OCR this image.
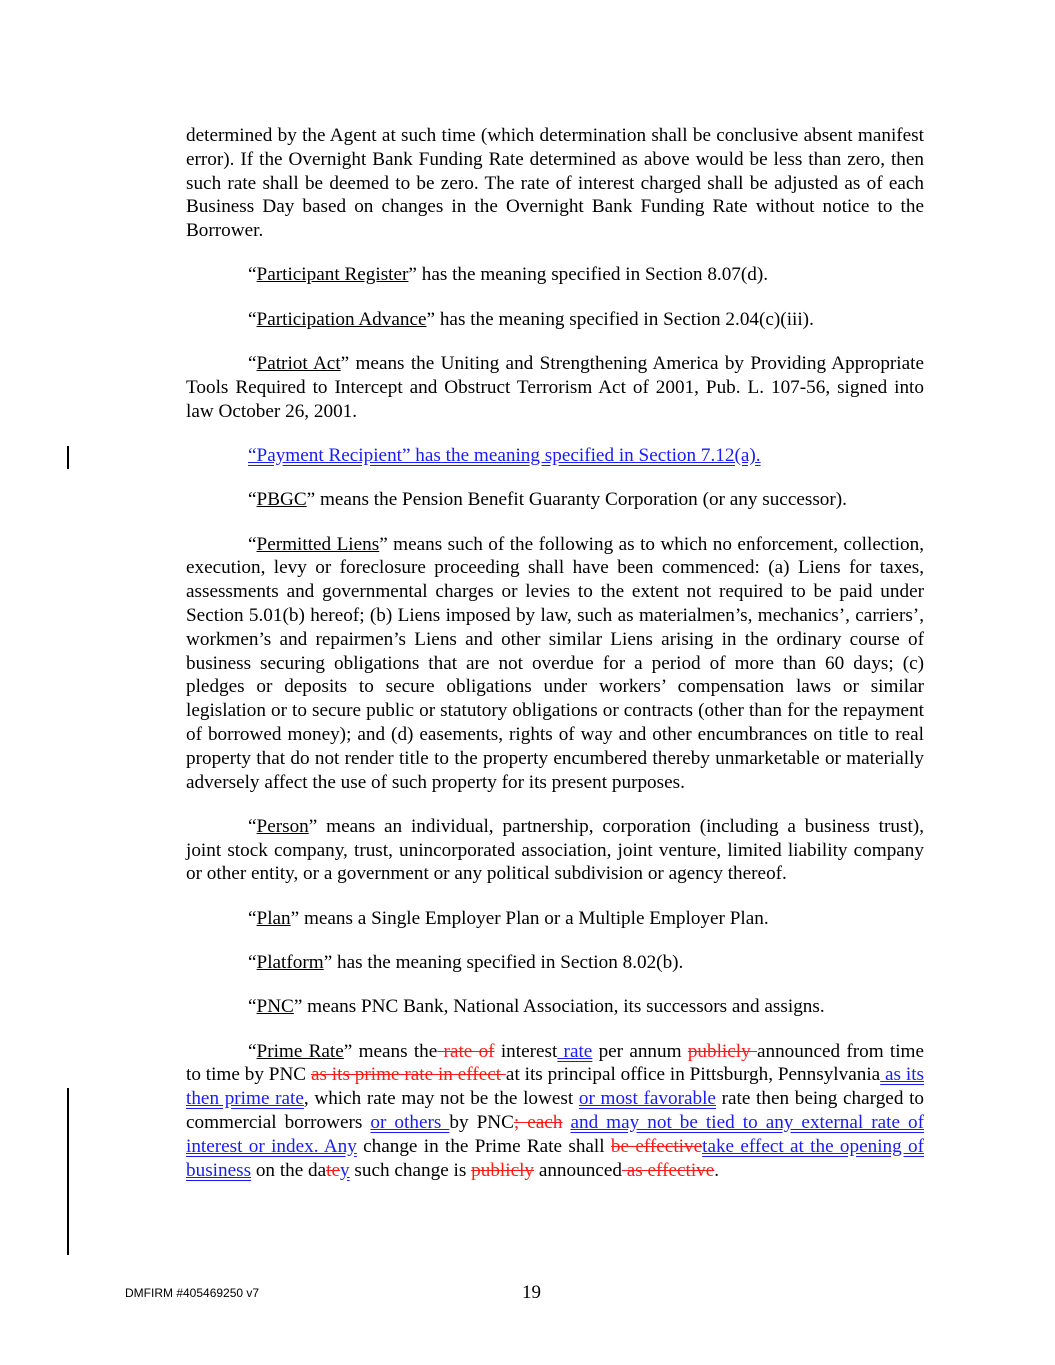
determined by the Agent at such time (which determination shall be conclusive absent manifest error). If the Overnight Bank Funding Rate determined as above would be less than zero, then such rate shall be deemed to be zero. The rate of interest charged shall be adjusted as of each Business Day based on changes in the Overnight Bank Funding Rate without notice to the Borrower.

“Participant Register” has the meaning specified in Section 8.07(d).

“Participation Advance” has the meaning specified in Section 2.04(c)(iii).

“Patriot Act” means the Uniting and Strengthening America by Providing Appropriate Tools Required to Intercept and Obstruct Terrorism Act of 2001, Pub. L. 107-56, signed into law October 26, 2001.

“Payment Recipient” has the meaning specified in Section 7.12(a).

“PBGC” means the Pension Benefit Guaranty Corporation (or any successor).

“Permitted Liens” means such of the following as to which no enforcement, collection, execution, levy or foreclosure proceeding shall have been commenced: (a) Liens for taxes, assessments and governmental charges or levies to the extent not required to be paid under Section 5.01(b) hereof; (b) Liens imposed by law, such as materialmen’s, mechanics’, carriers’, workmen’s and repairmen’s Liens and other similar Liens arising in the ordinary course of business securing obligations that are not overdue for a period of more than 60 days; (c) pledges or deposits to secure obligations under workers’ compensation laws or similar legislation or to secure public or statutory obligations or contracts (other than for the repayment of borrowed money); and (d) easements, rights of way and other encumbrances on title to real property that do not render title to the property encumbered thereby unmarketable or materially adversely affect the use of such property for its present purposes.

“Person” means an individual, partnership, corporation (including a business trust), joint stock company, trust, unincorporated association, joint venture, limited liability company or other entity, or a government or any political subdivision or agency thereof.

“Plan” means a Single Employer Plan or a Multiple Employer Plan.

“Platform” has the meaning specified in Section 8.02(b).

“PNC” means PNC Bank, National Association, its successors and assigns.

“Prime Rate” means the rate of interest rate per annum publicly announced from time to time by PNC as its prime rate in effect at its principal office in Pittsburgh, Pennsylvania as its then prime rate, which rate may not be the lowest or most favorable rate then being charged to commercial borrowers or others by PNC; each and may not be tied to any external rate of interest or index. Any change in the Prime Rate shall be effectivetake effect at the opening of business on the datey such change is publicly announced as effective.

DMFIRM #405469250 v7	19
